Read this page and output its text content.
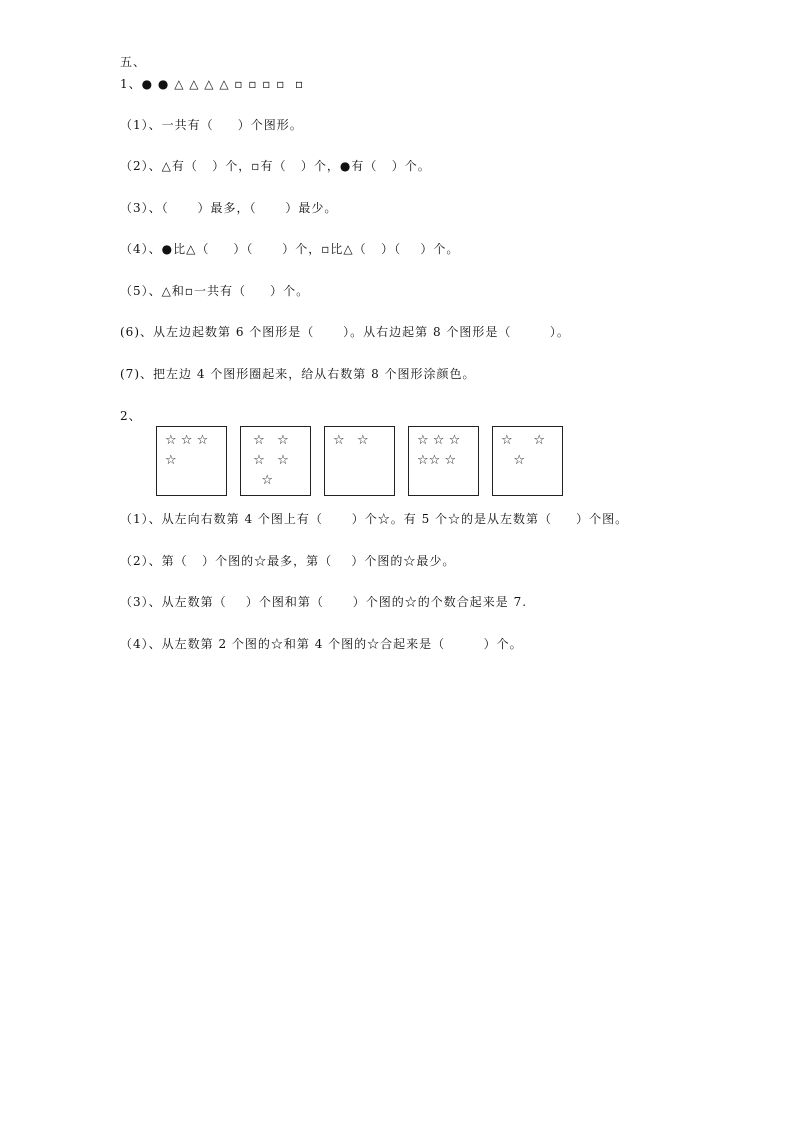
五、
1、● ● △ △ △ △ ▫ ▫ ▫ ▫  ▫
（1）、一共有（     ）个图形。
（2）、△有（   ）个，▫有（   ）个，●有（   ）个。
（3）、（      ）最多，（      ）最少。
（4）、●比△（     ）（      ）个，▫比△（   ）（    ）个。
（5）、△和▫一共有（     ）个。
(6)、从左边起数第 6 个图形是（      ）。从右边起第 8 个图形是（        ）。
(7)、把左边 4 个图形圈起来，给从右数第 8 个图形涂颜色。
2、
☆ ☆ ☆
☆
☆   ☆
☆   ☆
☆
☆   ☆	☆ ☆ ☆
☆☆ ☆
☆     ☆
☆
（1）、从左向右数第 4 个图上有（      ）个☆。有 5 个☆的是从左数第（     ）个图。
（2）、第（   ）个图的☆最多，第（    ）个图的☆最少。
（3）、从左数第（    ）个图和第（      ）个图的☆的个数合起来是 7.
（4）、从左数第 2 个图的☆和第 4 个图的☆合起来是（        ）个。
